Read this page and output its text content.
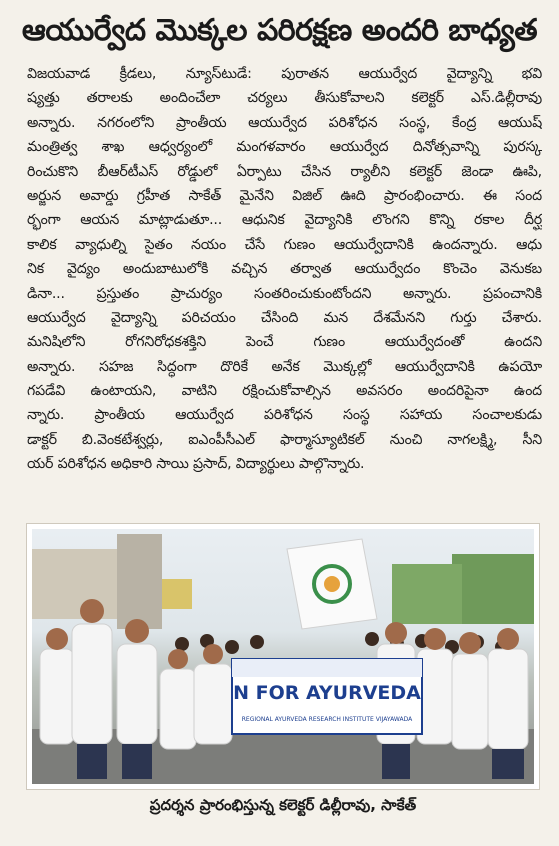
ఆయుర్వేద మొక్కల పరిరక్షణ అందరి బాధ్యత
విజయవాడ క్రీడలు, న్యూస్‌టుడే: పురాతన ఆయుర్వేద వైద్యాన్ని భవి
ష్యత్తు తరాలకు అందించేలా చర్యలు తీసుకోవాలని కలెక్టర్ ఎస్.డిల్లీరావు
అన్నారు. నగరంలోని ప్రాంతీయ ఆయుర్వేద పరిశోధన సంస్థ, కేంద్ర ఆయుష్
మంత్రిత్వ శాఖ ఆధ్వర్యంలో మంగళవారం ఆయుర్వేద దినోత్సవాన్ని పురస్క
రించుకొని బీఆర్‌టీఎస్ రోడ్డులో ఏర్పాటు చేసిన ర్యాలీని కలెక్టర్ జెండా ఊపి,
అర్జున అవార్డు గ్రహీత సాకేత్ మైనేని విజిల్ ఊది ప్రారంభించారు. ఈ సంద
ర్భంగా ఆయన మాట్లాడుతూ... ఆధునిక వైద్యానికి లొంగని కొన్ని రకాల దీర్ఘ
కాలిక వ్యాధుల్ని సైతం నయం చేసే గుణం ఆయుర్వేదానికి ఉందన్నారు. ఆధు
నిక వైద్యం అందుబాటులోకి వచ్చిన తర్వాత ఆయుర్వేదం కొంచెం వెనుకబ
డినా... ప్రస్తుతం ప్రాచుర్యం సంతరించుకుంటోందని అన్నారు. ప్రపంచానికి
ఆయుర్వేద వైద్యాన్ని పరిచయం చేసింది మన దేశమేనని గుర్తు చేశారు.
మనిషిలోని రోగనిరోధకశక్తిని పెంచే గుణం ఆయుర్వేదంతో ఉందని
అన్నారు. సహజ సిద్ధంగా దొరికే అనేక మొక్కల్లో ఆయుర్వేదానికి ఉపయో
గపడేవి ఉంటాయని, వాటిని రక్షించుకోవాల్సిన అవసరం అందరిపైనా ఉంద
న్నారు. ప్రాంతీయ ఆయుర్వేద పరిశోధన సంస్థ సహాయ సంచాలకుడు
డాక్టర్ బి.వెంకటేశ్వర్లు, ఐఎంపీసీఎల్ ఫార్మాస్యూటికల్ నుంచి నాగలక్ష్మి, సీని
యర్ పరిశోధన అధికారి సాయి ప్రసాద్, విద్యార్థులు పాల్గొన్నారు.
N FOR AYURVEDA
REGIONAL AYURVEDA RESEARCH INSTITUTE VIJAYAWADA
ప్రదర్శన ప్రారంభిస్తున్న కలెక్టర్ డిల్లీరావు, సాకేత్
